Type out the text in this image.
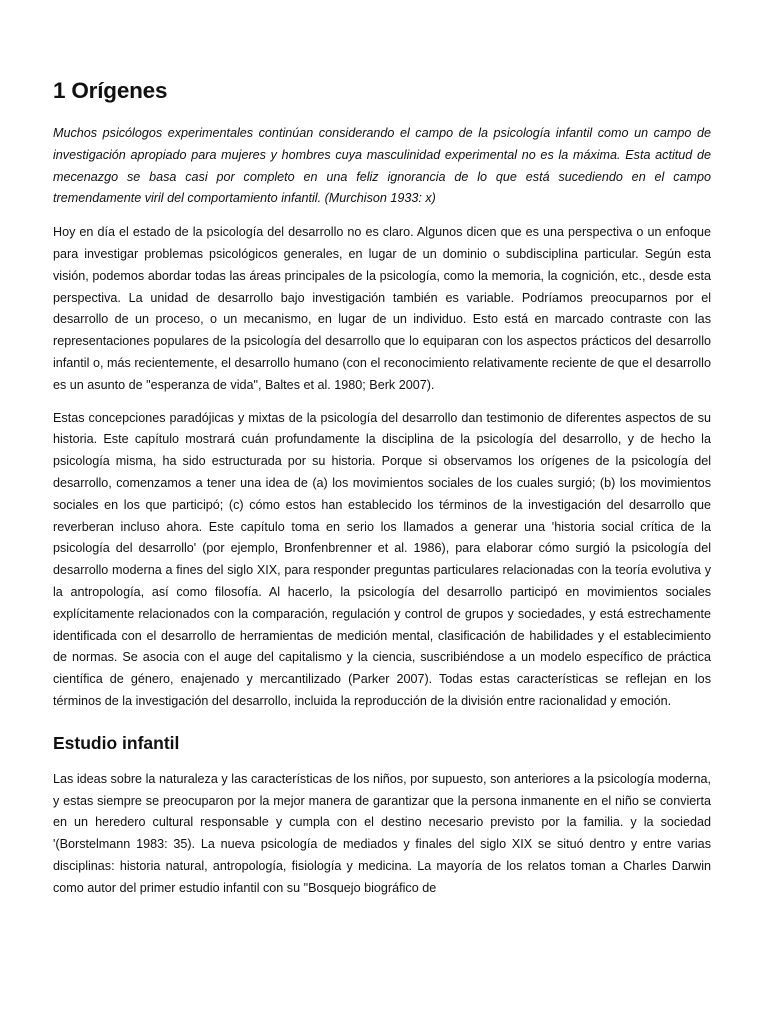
1 Orígenes

Muchos psicólogos experimentales continúan considerando el campo de la psicología infantil como un campo de investigación apropiado para mujeres y hombres cuya masculinidad experimental no es la máxima. Esta actitud de mecenazgo se basa casi por completo en una feliz ignorancia de lo que está sucediendo en el campo tremendamente viril del comportamiento infantil. (Murchison 1933: x)

Hoy en día el estado de la psicología del desarrollo no es claro. Algunos dicen que es una perspectiva o un enfoque para investigar problemas psicológicos generales, en lugar de un dominio o subdisciplina particular. Según esta visión, podemos abordar todas las áreas principales de la psicología, como la memoria, la cognición, etc., desde esta perspectiva. La unidad de desarrollo bajo investigación también es variable. Podríamos preocuparnos por el desarrollo de un proceso, o un mecanismo, en lugar de un individuo. Esto está en marcado contraste con las representaciones populares de la psicología del desarrollo que lo equiparan con los aspectos prácticos del desarrollo infantil o, más recientemente, el desarrollo humano (con el reconocimiento relativamente reciente de que el desarrollo es un asunto de "esperanza de vida", Baltes et al. 1980; Berk 2007).

Estas concepciones paradójicas y mixtas de la psicología del desarrollo dan testimonio de diferentes aspectos de su historia. Este capítulo mostrará cuán profundamente la disciplina de la psicología del desarrollo, y de hecho la psicología misma, ha sido estructurada por su historia. Porque si observamos los orígenes de la psicología del desarrollo, comenzamos a tener una idea de (a) los movimientos sociales de los cuales surgió; (b) los movimientos sociales en los que participó; (c) cómo estos han establecido los términos de la investigación del desarrollo que reverberan incluso ahora. Este capítulo toma en serio los llamados a generar una 'historia social crítica de la psicología del desarrollo' (por ejemplo, Bronfenbrenner et al. 1986), para elaborar cómo surgió la psicología del desarrollo moderna a fines del siglo XIX, para responder preguntas particulares relacionadas con la teoría evolutiva y la antropología, así como filosofía. Al hacerlo, la psicología del desarrollo participó en movimientos sociales explícitamente relacionados con la comparación, regulación y control de grupos y sociedades, y está estrechamente identificada con el desarrollo de herramientas de medición mental, clasificación de habilidades y el establecimiento de normas. Se asocia con el auge del capitalismo y la ciencia, suscribiéndose a un modelo específico de práctica científica de género, enajenado y mercantilizado (Parker 2007). Todas estas características se reflejan en los términos de la investigación del desarrollo, incluida la reproducción de la división entre racionalidad y emoción.

Estudio infantil

Las ideas sobre la naturaleza y las características de los niños, por supuesto, son anteriores a la psicología moderna, y estas siempre se preocuparon por la mejor manera de garantizar que la persona inmanente en el niño se convierta en un heredero cultural responsable y cumpla con el destino necesario previsto por la familia. y la sociedad '(Borstelmann 1983: 35). La nueva psicología de mediados y finales del siglo XIX se situó dentro y entre varias disciplinas: historia natural, antropología, fisiología y medicina. La mayoría de los relatos toman a Charles Darwin como autor del primer estudio infantil con su "Bosquejo biográfico de
